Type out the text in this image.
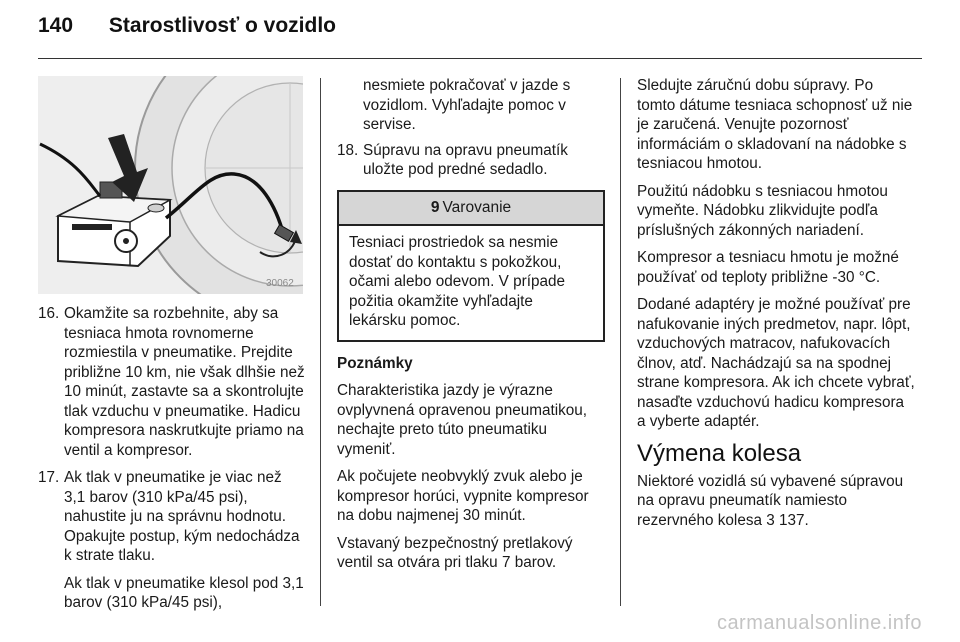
140 Starostlivosť o vozidlo
30062
16. Okamžite sa rozbehnite, aby sa tesniaca hmota rovnomerne rozmiestila v pneumatike. Prejdite približne 10 km, nie však dlhšie než 10 minút, zastavte sa a skontrolujte tlak vzduchu v pneumatike. Hadicu kompresora naskrutkujte priamo na ventil a kompresor.

17. Ak tlak v pneumatike je viac než 3,1 barov (310 kPa/45 psi), nahustite ju na správnu hodnotu. Opakujte postup, kým nedochádza k strate tlaku.

Ak tlak v pneumatike klesol pod 3,1 barov (310 kPa/45 psi),

nesmiete pokračovať v jazde s vozidlom. Vyhľadajte pomoc v servise.

18. Súpravu na opravu pneumatík uložte pod predné sedadlo.

9 Varovanie
Tesniaci prostriedok sa nesmie dostať do kontaktu s pokožkou, očami alebo odevom. V prípade požitia okamžite vyhľadajte lekársku pomoc.

Poznámky

Charakteristika jazdy je výrazne ovplyvnená opravenou pneumatikou, nechajte preto túto pneumatiku vymeniť.

Ak počujete neobvyklý zvuk alebo je kompresor horúci, vypnite kompresor na dobu najmenej 30 minút.

Vstavaný bezpečnostný pretlakový ventil sa otvára pri tlaku 7 barov.

Sledujte záručnú dobu súpravy. Po tomto dátume tesniaca schopnosť už nie je zaručená. Venujte pozornosť informáciám o skladovaní na nádobke s tesniacou hmotou.

Použitú nádobku s tesniacou hmotou vymeňte. Nádobku zlikvidujte podľa príslušných zákonných nariadení.

Kompresor a tesniacu hmotu je možné používať od teploty približne -30 °C.

Dodané adaptéry je možné používať pre nafukovanie iných predmetov, napr. lôpt, vzduchových matracov, nafukovacích člnov, atď. Nachádzajú sa na spodnej strane kompresora. Ak ich chcete vybrať, nasaďte vzduchovú hadicu kompresora a vyberte adaptér.

Výmena kolesa

Niektoré vozidlá sú vybavené súpravou na opravu pneumatík namiesto rezervného kolesa 3 137.

carmanualsonline.info
